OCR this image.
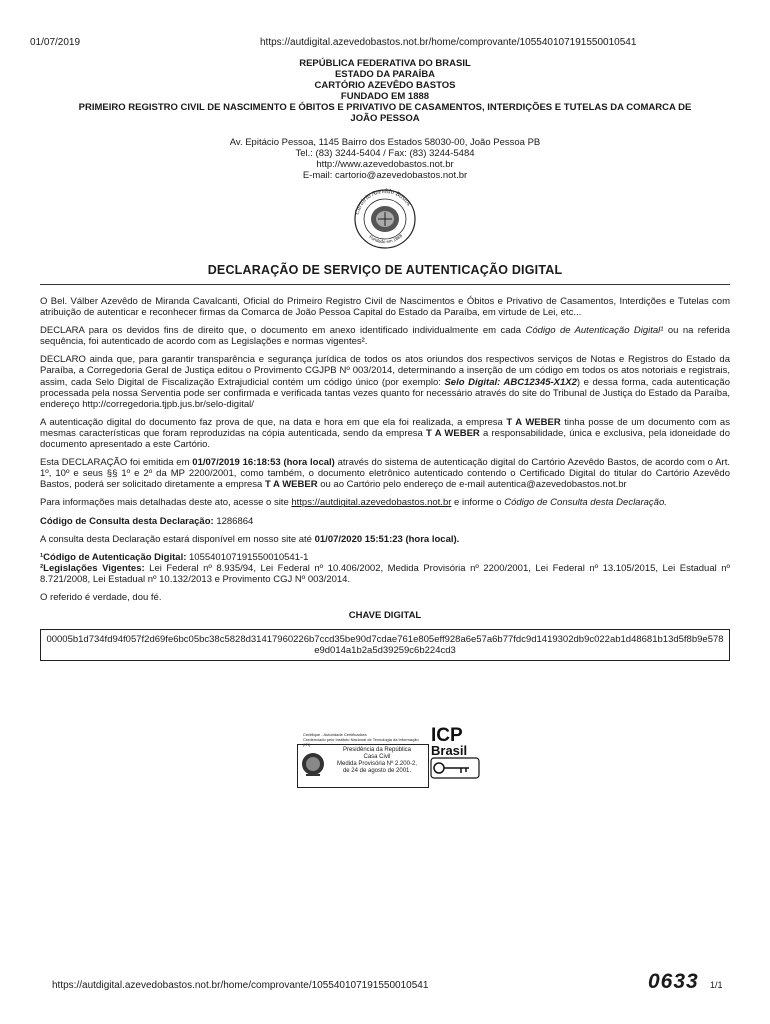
01/07/2019	https://autdigital.azevedobastos.not.br/home/comprovante/10554010719155001054​1
REPÚBLICA FEDERATIVA DO BRASIL
ESTADO DA PARAÍBA
CARTÓRIO AZEVÊDO BASTOS
FUNDADO EM 1888
PRIMEIRO REGISTRO CIVIL DE NASCIMENTO E ÓBITOS E PRIVATIVO DE CASAMENTOS, INTERDIÇÕES E TUTELAS DA COMARCA DE
JOÃO PESSOA
Av. Epitácio Pessoa, 1145 Bairro dos Estados 58030-00, João Pessoa PB
Tel.: (83) 3244-5404 / Fax: (83) 3244-5484
http://www.azevedobastos.not.br
E-mail: cartorio@azevedobastos.not.br
Cartório Azevêdo Bastos
Fundado em 1888
DECLARAÇÃO DE SERVIÇO DE AUTENTICAÇÃO DIGITAL

O Bel. Válber Azevêdo de Miranda Cavalcanti, Oficial do Primeiro Registro Civil de Nascimentos e Óbitos e Privativo de Casamentos, Interdições e Tutelas com atribuição de autenticar e reconhecer firmas da Comarca de João Pessoa Capital do Estado da Paraíba, em virtude de Lei, etc...

DECLARA para os devidos fins de direito que, o documento em anexo identificado individualmente em cada Código de Autenticação Digital¹ ou na referida sequência, foi autenticado de acordo com as Legislações e normas vigentes².

DECLARO ainda que, para garantir transparência e segurança jurídica de todos os atos oriundos dos respectivos serviços de Notas e Registros do Estado da Paraíba, a Corregedoria Geral de Justiça editou o Provimento CGJPB Nº 003/2014, determinando a inserção de um código em todos os atos notoriais e registrais, assim, cada Selo Digital de Fiscalização Extrajudicial contém um código único (por exemplo: Selo Digital: ABC12345-X1X2) e dessa forma, cada autenticação processada pela nossa Serventia pode ser confirmada e verificada tantas vezes quanto for necessário através do site do Tribunal de Justiça do Estado da Paraíba, endereço http://corregedoria.tjpb.jus.br/selo-digital/

A autenticação digital do documento faz prova de que, na data e hora em que ela foi realizada, a empresa T A WEBER tinha posse de um documento com as mesmas características que foram reproduzidas na cópia autenticada, sendo da empresa T A WEBER a responsabilidade, única e exclusiva, pela idoneidade do documento apresentado a este Cartório.

Esta DECLARAÇÃO foi emitida em 01/07/2019 16:18:53 (hora local) através do sistema de autenticação digital do Cartório Azevêdo Bastos, de acordo com o Art. 1º, 10º e seus §§ 1º e 2º da MP 2200/2001, como também, o documento eletrônico autenticado contendo o Certificado Digital do titular do Cartório Azevêdo Bastos, poderá ser solicitado diretamente a empresa T A WEBER ou ao Cartório pelo endereço de e-mail autentica@azevedobastos.not.br

Para informações mais detalhadas deste ato, acesse o site https://autdigital.azevedobastos.not.br e informe o Código de Consulta desta Declaração.

Código de Consulta desta Declaração: 1286864

A consulta desta Declaração estará disponível em nosso site até 01/07/2020 15:51:23 (hora local).

¹Código de Autenticação Digital: 105540107191550010541-1

²Legislações Vigentes: Lei Federal nº 8.935/94, Lei Federal nº 10.406/2002, Medida Provisória nº 2200/2001, Lei Federal nº 13.105/2015, Lei Estadual nº 8.721/2008, Lei Estadual nº 10.132/2013 e Provimento CGJ Nº 003/2014.

O referido é verdade, dou fé.

CHAVE DIGITAL
00005b1d734fd94f057f2d69fe6bc05bc38c5828d31417960226b7ccd35be90d7cdae761e805eff928a6e57a6b77fdc9d1419302db9c022ab1d48681b13d5f8b9e578e9d014a1b2a5d39259c6b224cd3
Certifique - Autoridade Certificadora
Credenciado pelo Instituto Nacional de Tecnologia da Informação (ITI)
Presidência da República
Casa Civil
Medida Provisória Nº 2.200-2,
de 24 de agosto de 2001.
ICP
Brasil
https://autdigital.azevedobastos.not.br/home/comprovante/105540107191550010541	0633 1/1
